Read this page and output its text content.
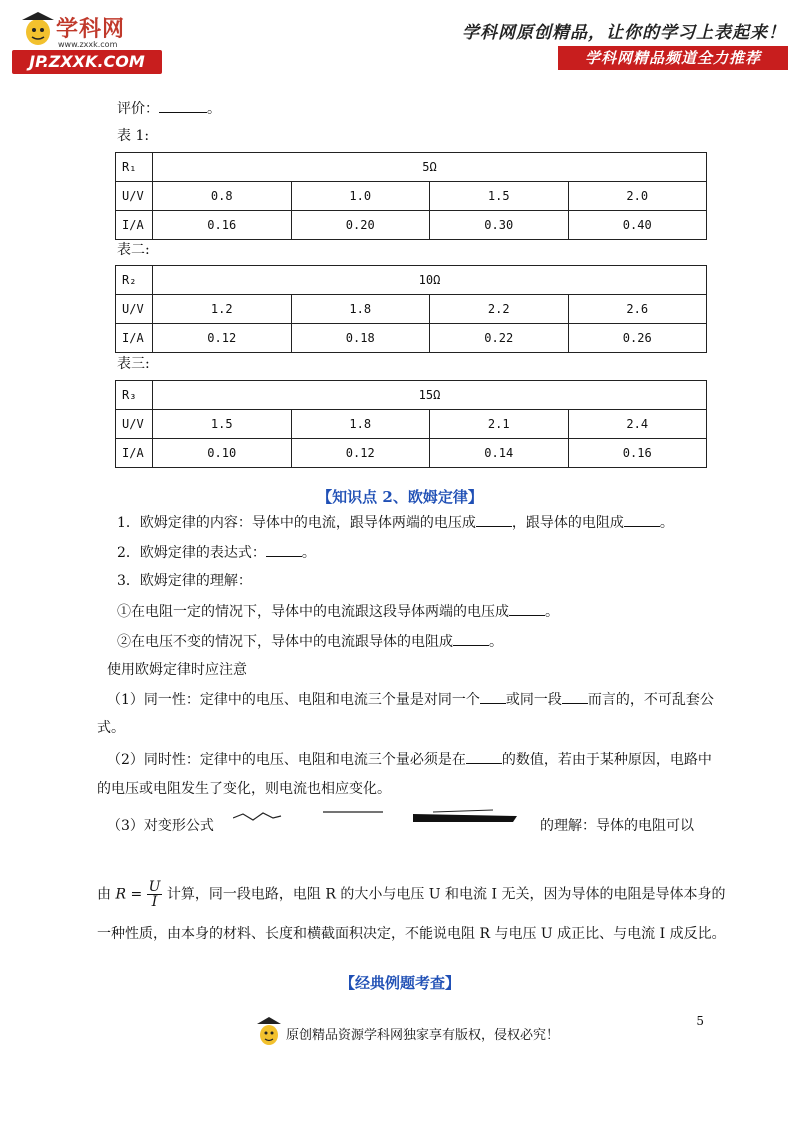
学科网
www.zxxk.com
JP.ZXXK.COM
学科网原创精品，让你的学习上表起来！
学科网精品频道全力推荐
评价：	。
表 1:
R₁	5Ω			
U/V	0.8	1.0	1.5	2.0
I/A	0.16	0.20	0.30	0.40
表二:
R₂	10Ω			
U/V	1.2	1.8	2.2	2.6
I/A	0.12	0.18	0.22	0.26
表三:
R₃	15Ω			
U/V	1.5	1.8	2.1	2.4
I/A	0.10	0.12	0.14	0.16
【知识点 2、欧姆定律】
1．欧姆定律的内容：导体中的电流，跟导体两端的电压成	，跟导体的电阻成	。
2．欧姆定律的表达式：	。
3．欧姆定律的理解：
①在电阻一定的情况下，导体中的电流跟这段导体两端的电压成	。
②在电压不变的情况下，导体中的电流跟导体的电阻成	。
使用欧姆定律时应注意
（1）同一性：定律中的电压、电阻和电流三个量是对同一个 或同一段 而言的，不可乱套公
式。
（2）同时性：定律中的电压、电阻和电流三个量必须是在	的数值，若由于某种原因，电路中
的电压或电阻发生了变化，则电流也相应变化。
（3）对变形公式	的理解：导体的电阻可以
由 $R = \frac{U}{I}$ 计算，同一段电路，电阻 R 的大小与电压 U 和电流 I 无关，因为导体的电阻是导体本身的
一种性质，由本身的材料、长度和横截面积决定，不能说电阻 R 与电压 U 成正比、与电流 I 成反比。
【经典例题考查】
5
原创精品资源学科网独家享有版权，侵权必究！
